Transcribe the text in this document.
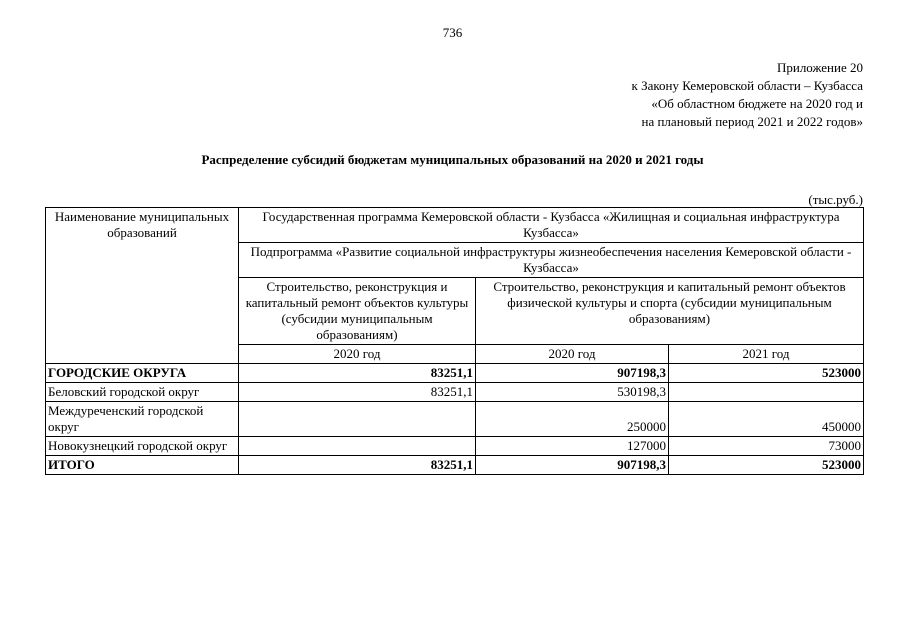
736
Приложение 20
к Закону Кемеровской области – Кузбасса
«Об областном бюджете на 2020 год и
на плановый период 2021 и 2022 годов»
Распределение субсидий бюджетам муниципальных образований на 2020 и 2021 годы
(тыс.руб.)
Наименование муниципальных образований	Государственная программа Кемеровской области - Кузбасса «Жилищная и социальная инфраструктура Кузбасса»		
	Подпрограмма «Развитие социальной инфраструктуры жизнеобеспечения населения Кемеровской области - Кузбасса»		
	Строительство, реконструкция и капитальный ремонт объектов культуры (субсидии муниципальным образованиям)	Строительство, реконструкция и капитальный ремонт объектов физической культуры и спорта (субсидии муниципальным образованиям)	
	2020 год	2020 год	2021 год
ГОРОДСКИЕ ОКРУГА	83251,1	907198,3	523000
Беловский городской округ	83251,1	530198,3	
Междуреченский городской округ		250000	450000
Новокузнецкий городской округ		127000	73000
ИТОГО	83251,1	907198,3	523000
